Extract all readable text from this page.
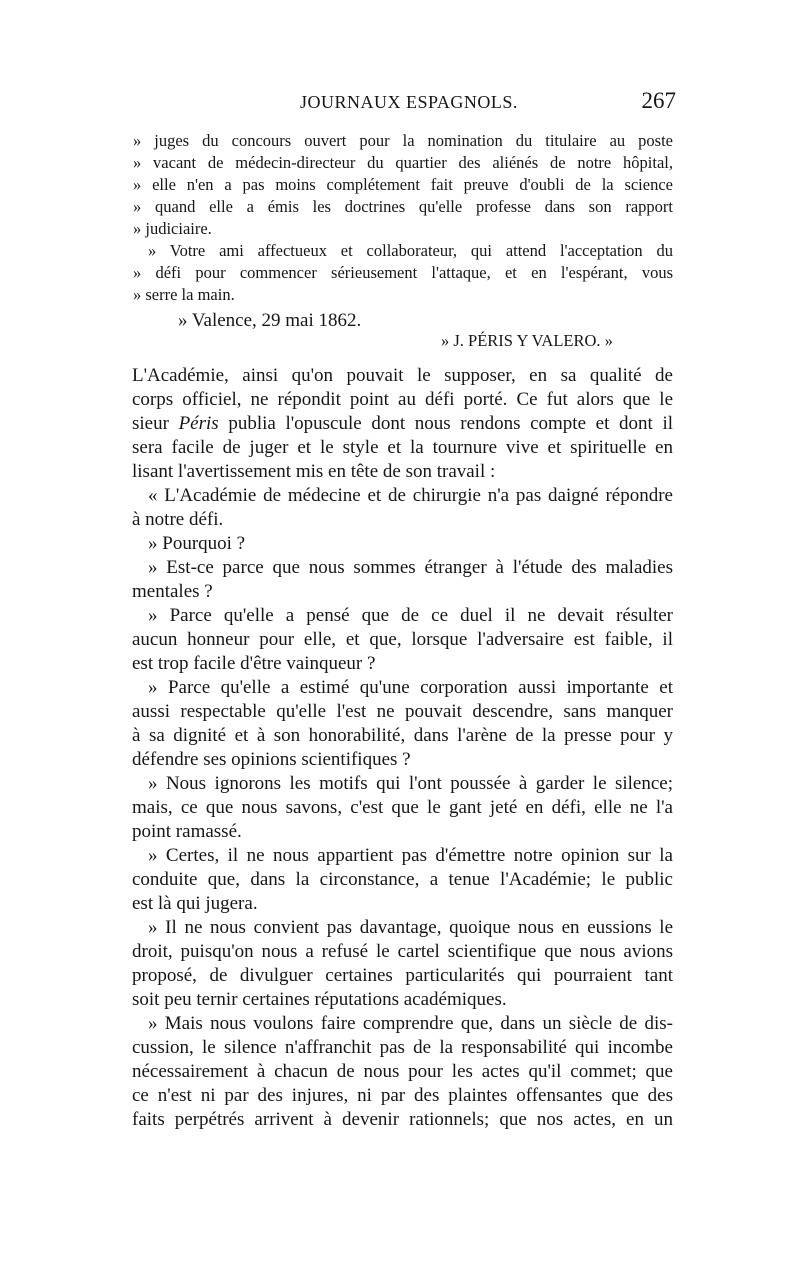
JOURNAUX ESPAGNOLS.	267
» juges du concours ouvert pour la nomination du titulaire au poste
» vacant de médecin-directeur du quartier des aliénés de notre hôpital,
» elle n'en a pas moins complétement fait preuve d'oubli de la science
» quand elle a émis les doctrines qu'elle professe dans son rapport
» judiciaire.
» Votre ami affectueux et collaborateur, qui attend l'acceptation du
» défi pour commencer sérieusement l'attaque, et en l'espérant, vous
» serre la main.
» Valence, 29 mai 1862.
» J. PÉRIS Y VALERO. »
L'Académie, ainsi qu'on pouvait le supposer, en sa qualité de
corps officiel, ne répondit point au défi porté. Ce fut alors que le
sieur Péris publia l'opuscule dont nous rendons compte et dont il
sera facile de juger et le style et la tournure vive et spirituelle en
lisant l'avertissement mis en tête de son travail :
« L'Académie de médecine et de chirurgie n'a pas daigné répondre
à notre défi.
» Pourquoi ?
» Est-ce parce que nous sommes étranger à l'étude des maladies
mentales ?
» Parce qu'elle a pensé que de ce duel il ne devait résulter
aucun honneur pour elle, et que, lorsque l'adversaire est faible, il
est trop facile d'être vainqueur ?
» Parce qu'elle a estimé qu'une corporation aussi importante et
aussi respectable qu'elle l'est ne pouvait descendre, sans manquer
à sa dignité et à son honorabilité, dans l'arène de la presse pour y
défendre ses opinions scientifiques ?
» Nous ignorons les motifs qui l'ont poussée à garder le silence;
mais, ce que nous savons, c'est que le gant jeté en défi, elle ne l'a
point ramassé.
» Certes, il ne nous appartient pas d'émettre notre opinion sur la
conduite que, dans la circonstance, a tenue l'Académie; le public
est là qui jugera.
» Il ne nous convient pas davantage, quoique nous en eussions le
droit, puisqu'on nous a refusé le cartel scientifique que nous avions
proposé, de divulguer certaines particularités qui pourraient tant
soit peu ternir certaines réputations académiques.
» Mais nous voulons faire comprendre que, dans un siècle de dis-
cussion, le silence n'affranchit pas de la responsabilité qui incombe
nécessairement à chacun de nous pour les actes qu'il commet; que
ce n'est ni par des injures, ni par des plaintes offensantes que des
faits perpétrés arrivent à devenir rationnels; que nos actes, en un
